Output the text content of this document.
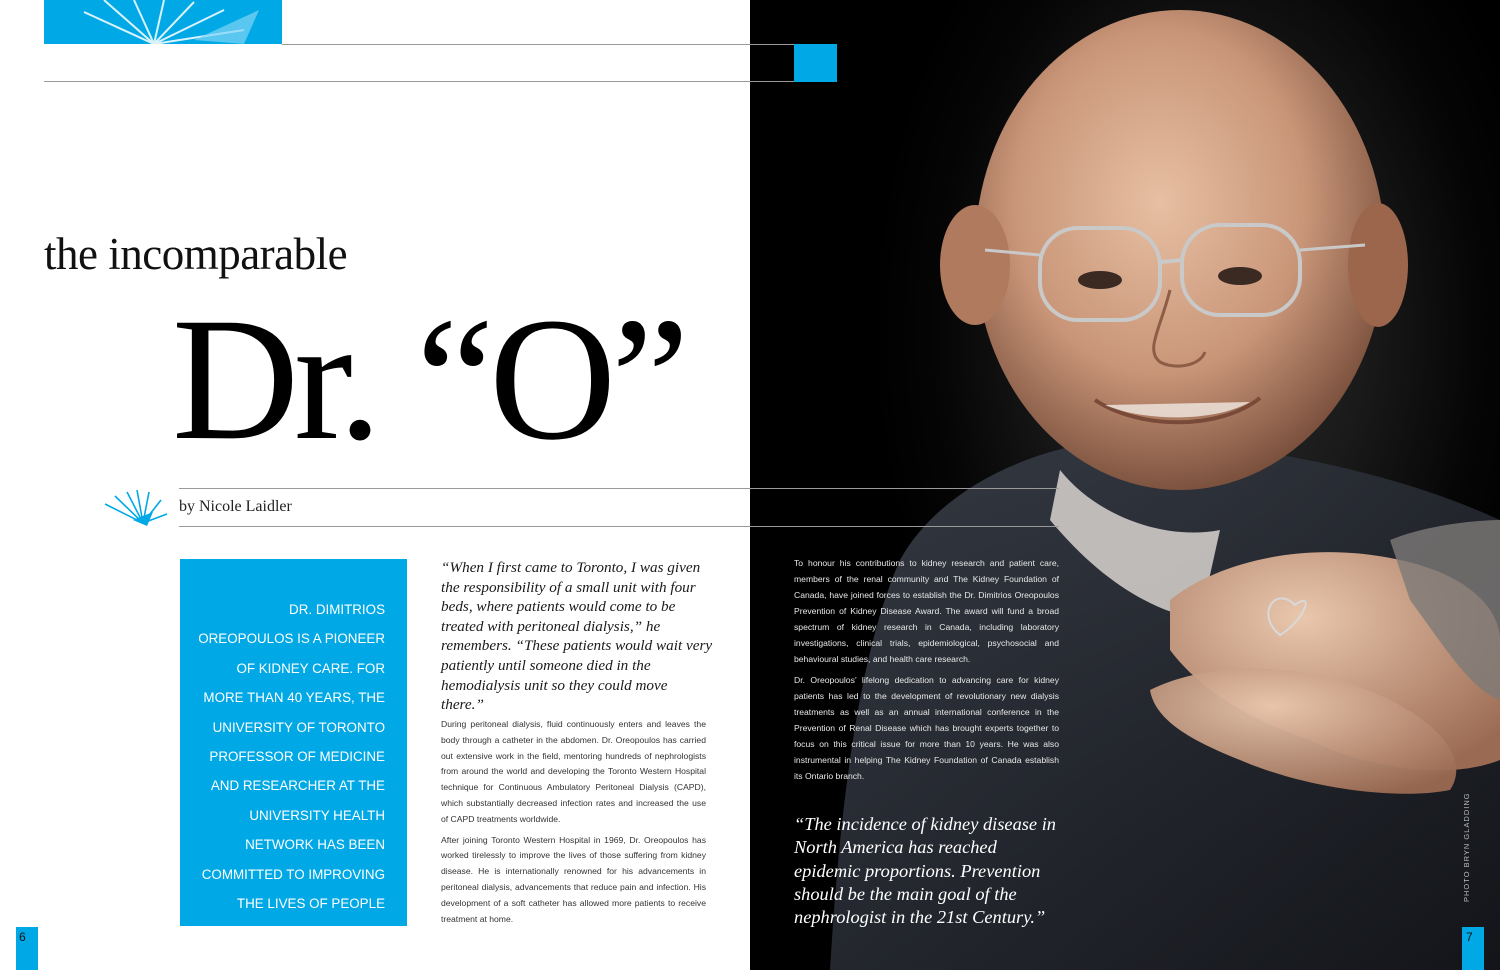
the incomparable
Dr. “O”
by Nicole Laidler
DR. DIMITRIOS OREOPOULOS IS A PIONEER OF KIDNEY CARE. FOR MORE THAN 40 YEARS, THE UNIVERSITY OF TORONTO PROFESSOR OF MEDICINE AND RESEARCHER AT THE UNIVERSITY HEALTH NETWORK HAS BEEN COMMITTED TO IMPROVING THE LIVES OF PEOPLE LIVING WITH KIDNEY DISEASE.
“When I first came to Toronto, I was given the responsibility of a small unit with four beds, where patients would come to be treated with peritoneal dialysis,” he remembers. “These patients would wait very patiently until someone died in the hemodialysis unit so they could move there.”

During peritoneal dialysis, fluid continuously enters and leaves the body through a catheter in the abdomen. Dr. Oreopoulos has carried out extensive work in the field, mentoring hundreds of nephrologists from around the world and developing the Toronto Western Hospital technique for Continuous Ambulatory Peritoneal Dialysis (CAPD), which substantially decreased infection rates and increased the use of CAPD treatments worldwide.

After joining Toronto Western Hospital in 1969, Dr. Oreopoulos has worked tirelessly to improve the lives of those suffering from kidney disease. He is internationally renowned for his advancements in peritoneal dialysis, advancements that reduce pain and infection. His development of a soft catheter has allowed more patients to receive treatment at home.

To honour his contributions to kidney research and patient care, members of the renal community and The Kidney Foundation of Canada, have joined forces to establish the Dr. Dimitrios Oreopoulos Prevention of Kidney Disease Award. The award will fund a broad spectrum of kidney research in Canada, including laboratory investigations, clinical trials, epidemiological, psychosocial and behavioural studies, and health care research.

Dr. Oreopoulos’ lifelong dedication to advancing care for kidney patients has led to the development of revolutionary new dialysis treatments as well as an annual international conference in the Prevention of Renal Disease which has brought experts together to focus on this critical issue for more than 10 years. He was also instrumental in helping The Kidney Foundation of Canada establish its Ontario branch.

“The incidence of kidney disease in North America has reached epidemic proportions. Prevention should be the main goal of the nephrologist in the 21st Century.”
PHOTO BRYN GLADDING
6	7
